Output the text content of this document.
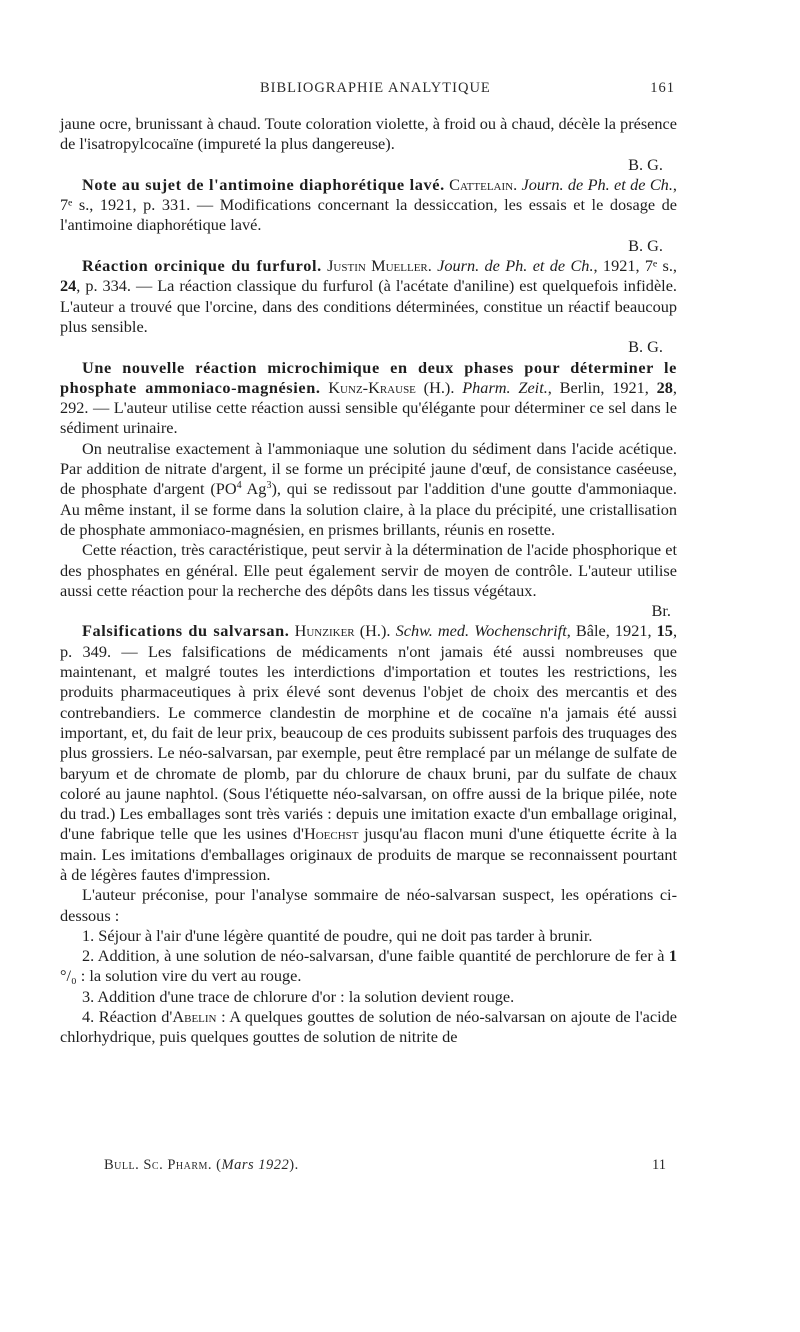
BIBLIOGRAPHIE ANALYTIQUE	161

jaune ocre, brunissant à chaud. Toute coloration violette, à froid ou à chaud, décèle la présence de l'isatropylcocaïne (impureté la plus dangereuse).

B. G.

Note au sujet de l'antimoine diaphorétique lavé. Cattelain. Journ. de Ph. et de Ch., 7ᵉ s., 1921, p. 331. — Modifications concernant la dessiccation, les essais et le dosage de l'antimoine diaphorétique lavé.

B. G.

Réaction orcinique du furfurol. Justin Mueller. Journ. de Ph. et de Ch., 1921, 7ᵉ s., 24, p. 334. — La réaction classique du furfurol (à l'acétate d'aniline) est quelquefois infidèle. L'auteur a trouvé que l'orcine, dans des conditions déterminées, constitue un réactif beaucoup plus sensible.

B. G.

Une nouvelle réaction microchimique en deux phases pour déterminer le phosphate ammoniaco-magnésien. Kunz-Krause (H.). Pharm. Zeit., Berlin, 1921, 28, 292. — L'auteur utilise cette réaction aussi sensible qu'élégante pour déterminer ce sel dans le sédiment urinaire.

On neutralise exactement à l'ammoniaque une solution du sédiment dans l'acide acétique. Par addition de nitrate d'argent, il se forme un précipité jaune d'œuf, de consistance caséeuse, de phosphate d'argent ($PO^4$ Ag$^3$), qui se redissout par l'addition d'une goutte d'ammoniaque. Au même instant, il se forme dans la solution claire, à la place du précipité, une cristallisation de phosphate ammoniaco-magnésien, en prismes brillants, réunis en rosette.

Cette réaction, très caractéristique, peut servir à la détermination de l'acide phosphorique et des phosphates en général. Elle peut également servir de moyen de contrôle. L'auteur utilise aussi cette réaction pour la recherche des dépôts dans les tissus végétaux.

Br.

Falsifications du salvarsan. Hunziker (H.). Schw. med. Wochenschrift, Bâle, 1921, 15, p. 349. — Les falsifications de médicaments n'ont jamais été aussi nombreuses que maintenant, et malgré toutes les interdictions d'importation et toutes les restrictions, les produits pharmaceutiques à prix élevé sont devenus l'objet de choix des mercantis et des contrebandiers. Le commerce clandestin de morphine et de cocaïne n'a jamais été aussi important, et, du fait de leur prix, beaucoup de ces produits subissent parfois des truquages des plus grossiers. Le néo-salvarsan, par exemple, peut être remplacé par un mélange de sulfate de baryum et de chromate de plomb, par du chlorure de chaux bruni, par du sulfate de chaux coloré au jaune naphtol. (Sous l'étiquette néo-salvarsan, on offre aussi de la brique pilée, note du trad.) Les emballages sont très variés : depuis une imitation exacte d'un emballage original, d'une fabrique telle que les usines d'Hoechst jusqu'au flacon muni d'une étiquette écrite à la main. Les imitations d'emballages originaux de produits de marque se reconnaissent pourtant à de légères fautes d'impression.

L'auteur préconise, pour l'analyse sommaire de néo-salvarsan suspect, les opérations ci-dessous :

1. Séjour à l'air d'une légère quantité de poudre, qui ne doit pas tarder à brunir.

2. Addition, à une solution de néo-salvarsan, d'une faible quantité de perchlorure de fer à 1 °/₀ : la solution vire du vert au rouge.

3. Addition d'une trace de chlorure d'or : la solution devient rouge.

4. Réaction d'Abelin : A quelques gouttes de solution de néo-salvarsan on ajoute de l'acide chlorhydrique, puis quelques gouttes de solution de nitrite de

Bull. Sc. Pharm. (Mars 1922).	11
